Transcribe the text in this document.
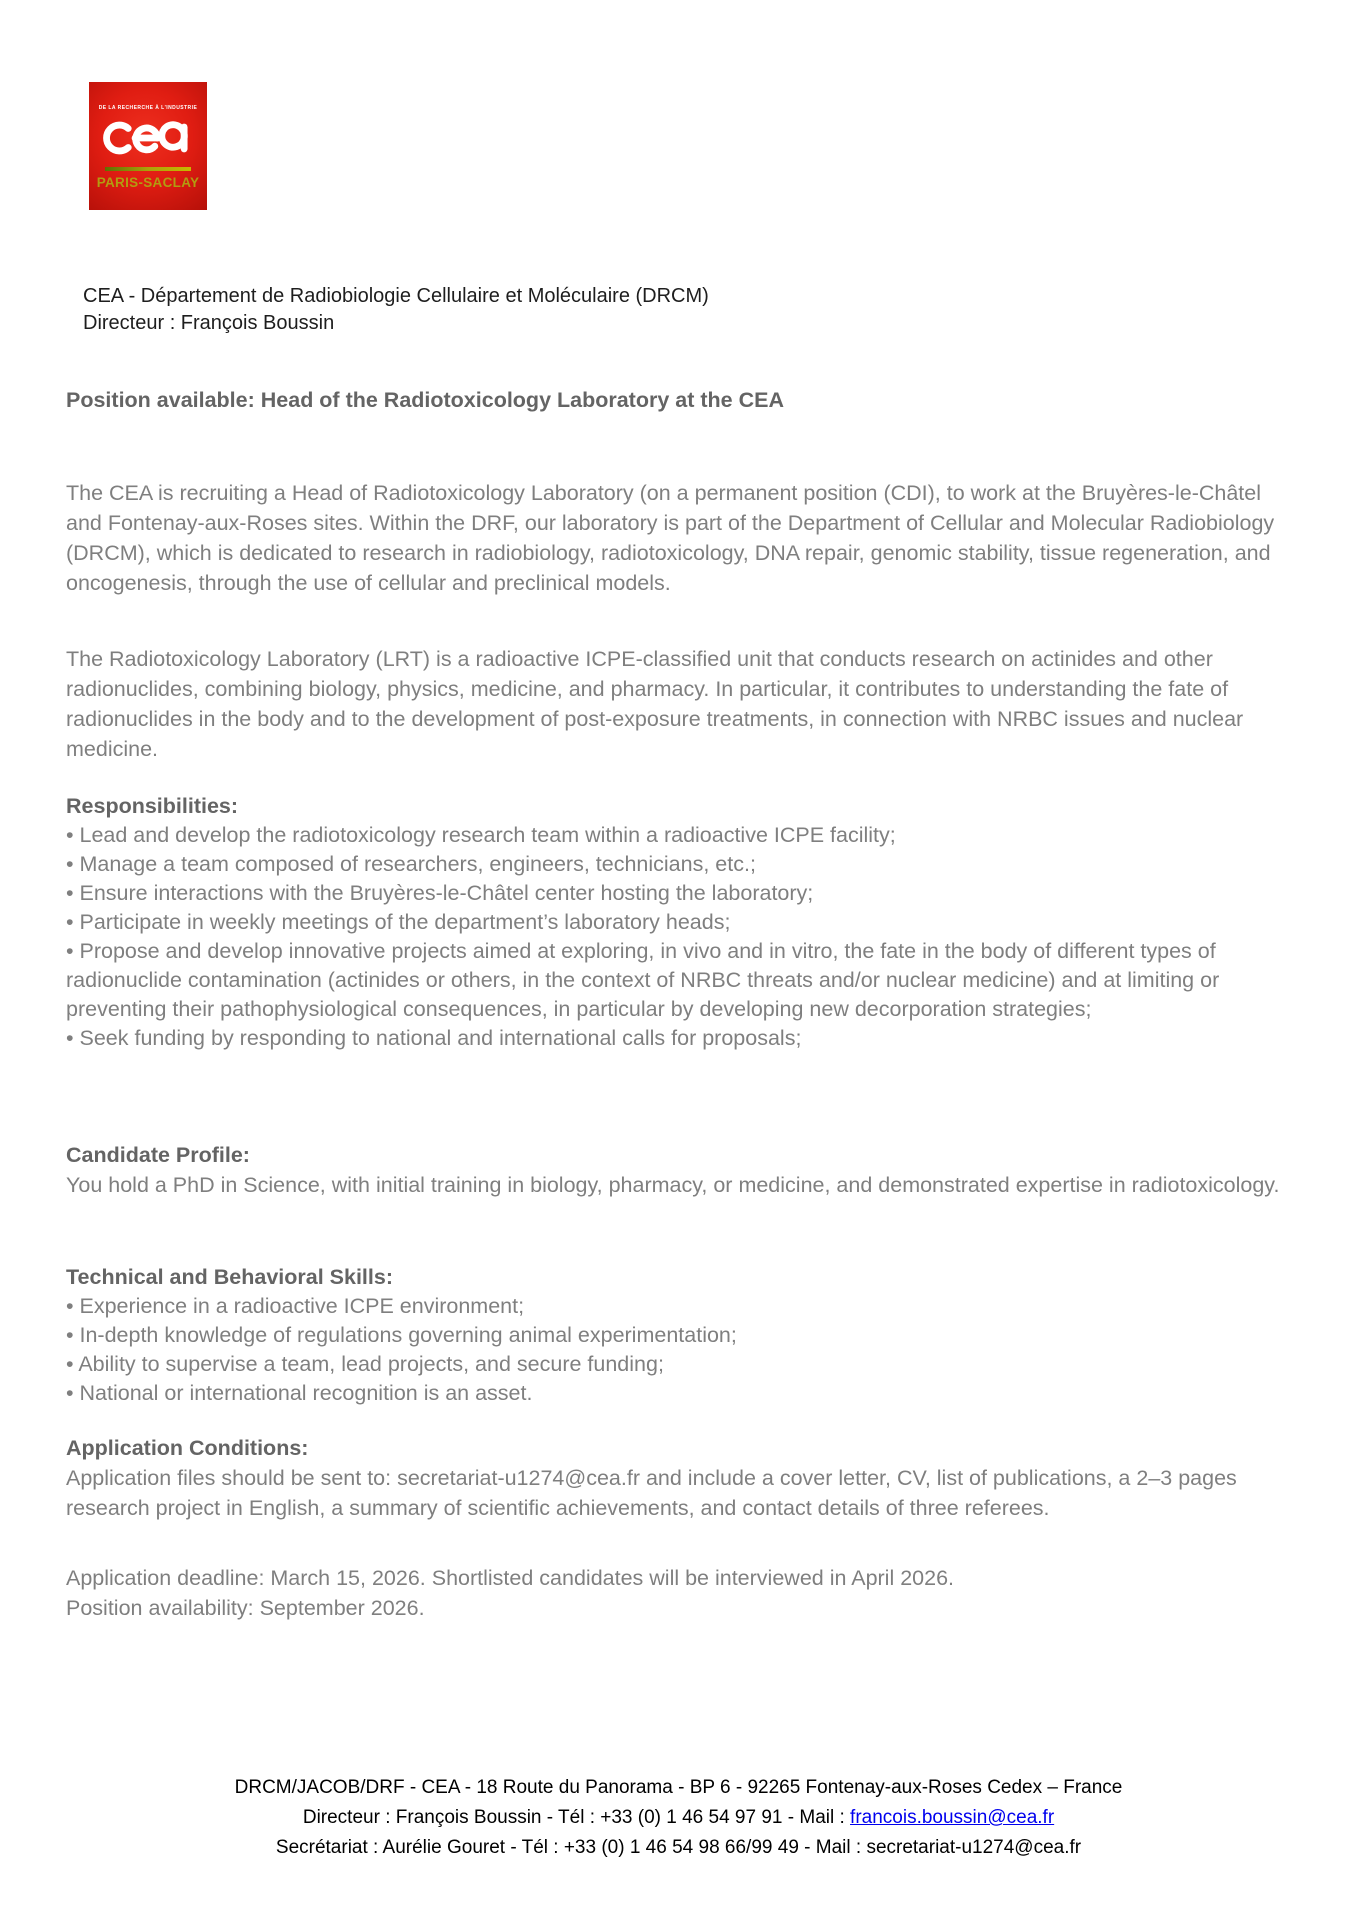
DE LA RECHERCHE À L'INDUSTRIE
PARIS-SACLAY
CEA - Département de Radiobiologie Cellulaire et Moléculaire (DRCM)
Directeur : François Boussin
Position available: Head of the Radiotoxicology Laboratory at the CEA
The CEA is recruiting a Head of Radiotoxicology Laboratory (on a permanent position (CDI), to work at the Bruyères-le-Châtel and Fontenay-aux-Roses sites. Within the DRF, our laboratory is part of the Department of Cellular and Molecular Radiobiology (DRCM), which is dedicated to research in radiobiology, radiotoxicology, DNA repair, genomic stability, tissue regeneration, and oncogenesis, through the use of cellular and preclinical models.
The Radiotoxicology Laboratory (LRT) is a radioactive ICPE-classified unit that conducts research on actinides and other radionuclides, combining biology, physics, medicine, and pharmacy. In particular, it contributes to understanding the fate of radionuclides in the body and to the development of post-exposure treatments, in connection with NRBC issues and nuclear medicine.
Responsibilities:
• Lead and develop the radiotoxicology research team within a radioactive ICPE facility;
• Manage a team composed of researchers, engineers, technicians, etc.;
• Ensure interactions with the Bruyères-le-Châtel center hosting the laboratory;
• Participate in weekly meetings of the department’s laboratory heads;
• Propose and develop innovative projects aimed at exploring, in vivo and in vitro, the fate in the body of different types of radionuclide contamination (actinides or others, in the context of NRBC threats and/or nuclear medicine) and at limiting or preventing their pathophysiological consequences, in particular by developing new decorporation strategies;
• Seek funding by responding to national and international calls for proposals;
Candidate Profile:
You hold a PhD in Science, with initial training in biology, pharmacy, or medicine, and demonstrated expertise in radiotoxicology.
Technical and Behavioral Skills:
• Experience in a radioactive ICPE environment;
• In-depth knowledge of regulations governing animal experimentation;
• Ability to supervise a team, lead projects, and secure funding;
• National or international recognition is an asset.
Application Conditions:
Application files should be sent to: secretariat-u1274@cea.fr and include a cover letter, CV, list of publications, a 2–3 pages research project in English, a summary of scientific achievements, and contact details of three referees.
Application deadline: March 15, 2026. Shortlisted candidates will be interviewed in April 2026.
Position availability: September 2026.
DRCM/JACOB/DRF - CEA - 18 Route du Panorama - BP 6 - 92265 Fontenay-aux-Roses Cedex – France
Directeur : François Boussin - Tél : +33 (0) 1 46 54 97 91 - Mail : francois.boussin@cea.fr
Secrétariat : Aurélie Gouret - Tél : +33 (0) 1 46 54 98 66/99 49 - Mail : secretariat-u1274@cea.fr
